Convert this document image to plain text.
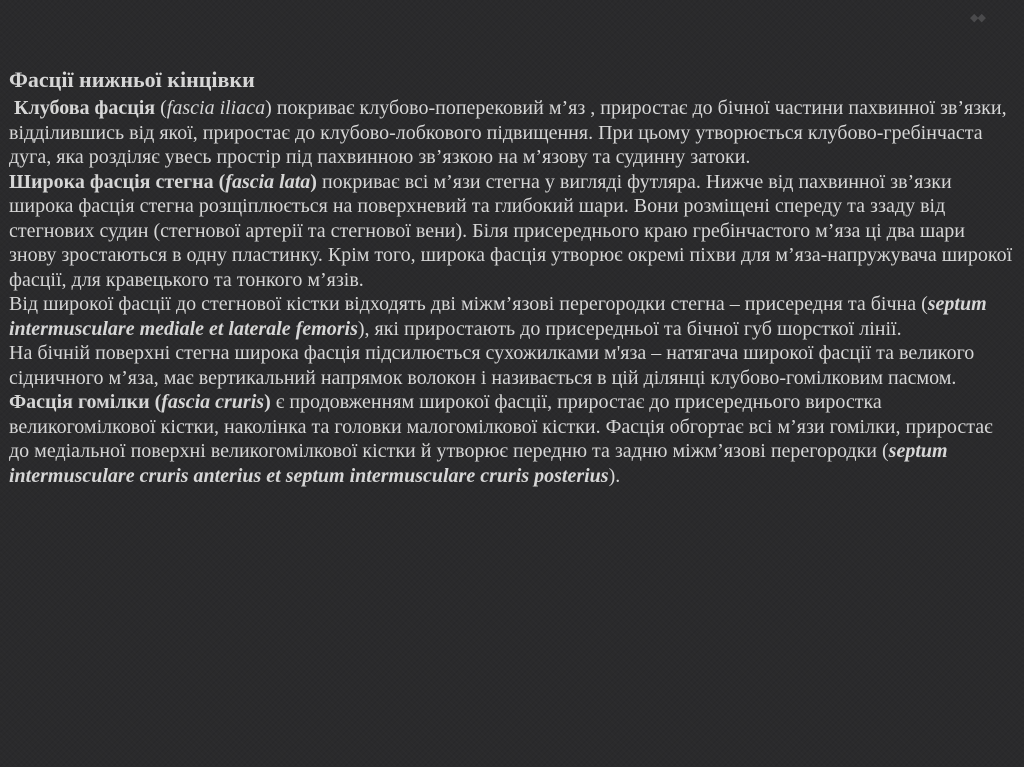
◆◆

Фасції нижньої кінцівки

Клубова фасція (fascia iliaca) покриває клубово-поперековий м’яз , приростає до бічної частини пахвинної зв’язки, відділившись від якої, приростає до клубово-лобкового підвищення. При цьому утворюється клубово-гребінчаста дуга, яка розділяє увесь простір під пахвинною зв’язкою на м’язову та судинну затоки.

Широка фасція стегна (fascia lata) покриває всі м’язи стегна у вигляді футляра. Нижче від пахвинної зв’язки широка фасція стегна розщіплюється на поверхневий та глибокий шари. Вони розміщені спереду та ззаду від стегнових судин (стегнової артерії та стегнової вени). Біля присереднього краю гребінчастого м’яза ці два шари знову зростаються в одну пластинку. Крім того, широка фасція утворює окремі піхви для м’яза-напружувача широкої фасції, для кравецького та тонкого м’язів.

Від широкої фасції до стегнової кістки відходять дві міжм’язові перегородки стегна – присередня та бічна (septum intermusculare mediale et laterale femoris), які приростають до присередньої та бічної губ шорсткої лінії.

На бічній поверхні стегна широка фасція підсилюється сухожилками м'яза – натягача широкої фасції та великого сідничного м’яза, має вертикальний напрямок волокон і називається в цій ділянці клубово-гомілковим пасмом.

Фасція гомілки (fascia cruris) є продовженням широкої фасції, приростає до присереднього виростка великогомілкової кістки, наколінка та головки малогомілкової кістки. Фасція обгортає всі м’язи гомілки, приростає до медіальної поверхні великогомілкової кістки й утворює передню та задню міжм’язові перегородки (septum intermusculare cruris anterius et septum intermusculare cruris posterius).
